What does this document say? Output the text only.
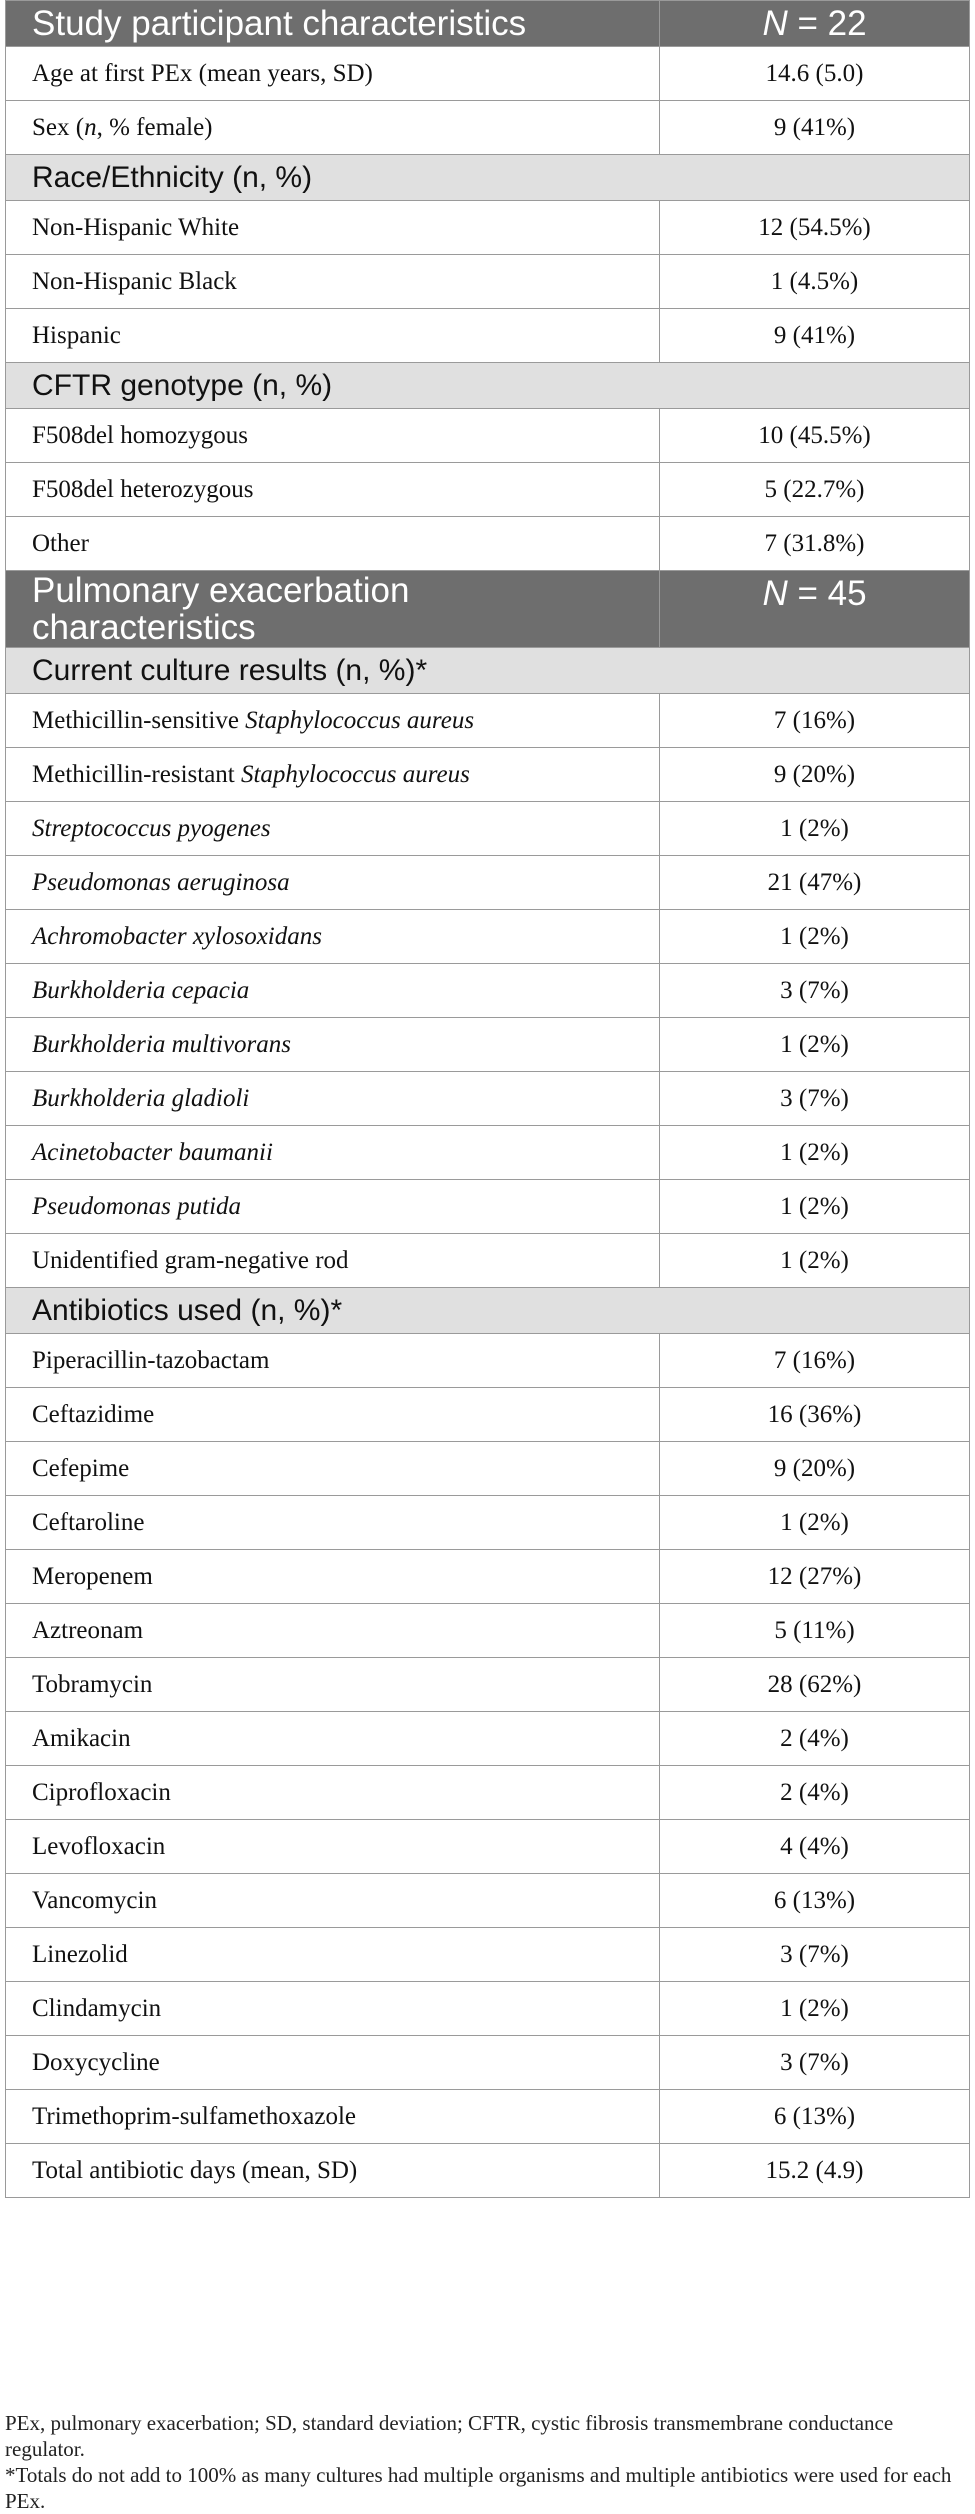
Study participant characteristics	N = 22
Age at first PEx (mean years, SD)	14.6 (5.0)
Sex (n, % female)	9 (41%)
Race/Ethnicity (n, %)	
Non-Hispanic White	12 (54.5%)
Non-Hispanic Black	1 (4.5%)
Hispanic	9 (41%)
CFTR genotype (n, %)	
F508del homozygous	10 (45.5%)
F508del heterozygous	5 (22.7%)
Other	7 (31.8%)
Pulmonary exacerbation
characteristics	N = 45
Current culture results (n, %)*	
Methicillin-sensitive Staphylococcus aureus	7 (16%)
Methicillin-resistant Staphylococcus aureus	9 (20%)
Streptococcus pyogenes	1 (2%)
Pseudomonas aeruginosa	21 (47%)
Achromobacter xylosoxidans	1 (2%)
Burkholderia cepacia	3 (7%)
Burkholderia multivorans	1 (2%)
Burkholderia gladioli	3 (7%)
Acinetobacter baumanii	1 (2%)
Pseudomonas putida	1 (2%)
Unidentified gram-negative rod	1 (2%)
Antibiotics used (n, %)*	
Piperacillin-tazobactam	7 (16%)
Ceftazidime	16 (36%)
Cefepime	9 (20%)
Ceftaroline	1 (2%)
Meropenem	12 (27%)
Aztreonam	5 (11%)
Tobramycin	28 (62%)
Amikacin	2 (4%)
Ciprofloxacin	2 (4%)
Levofloxacin	4 (4%)
Vancomycin	6 (13%)
Linezolid	3 (7%)
Clindamycin	1 (2%)
Doxycycline	3 (7%)
Trimethoprim-sulfamethoxazole	6 (13%)
Total antibiotic days (mean, SD)	15.2 (4.9)

PEx, pulmonary exacerbation; SD, standard deviation; CFTR, cystic fibrosis transmembrane conductance regulator.

*Totals do not add to 100% as many cultures had multiple organisms and multiple antibiotics were used for each PEx.
